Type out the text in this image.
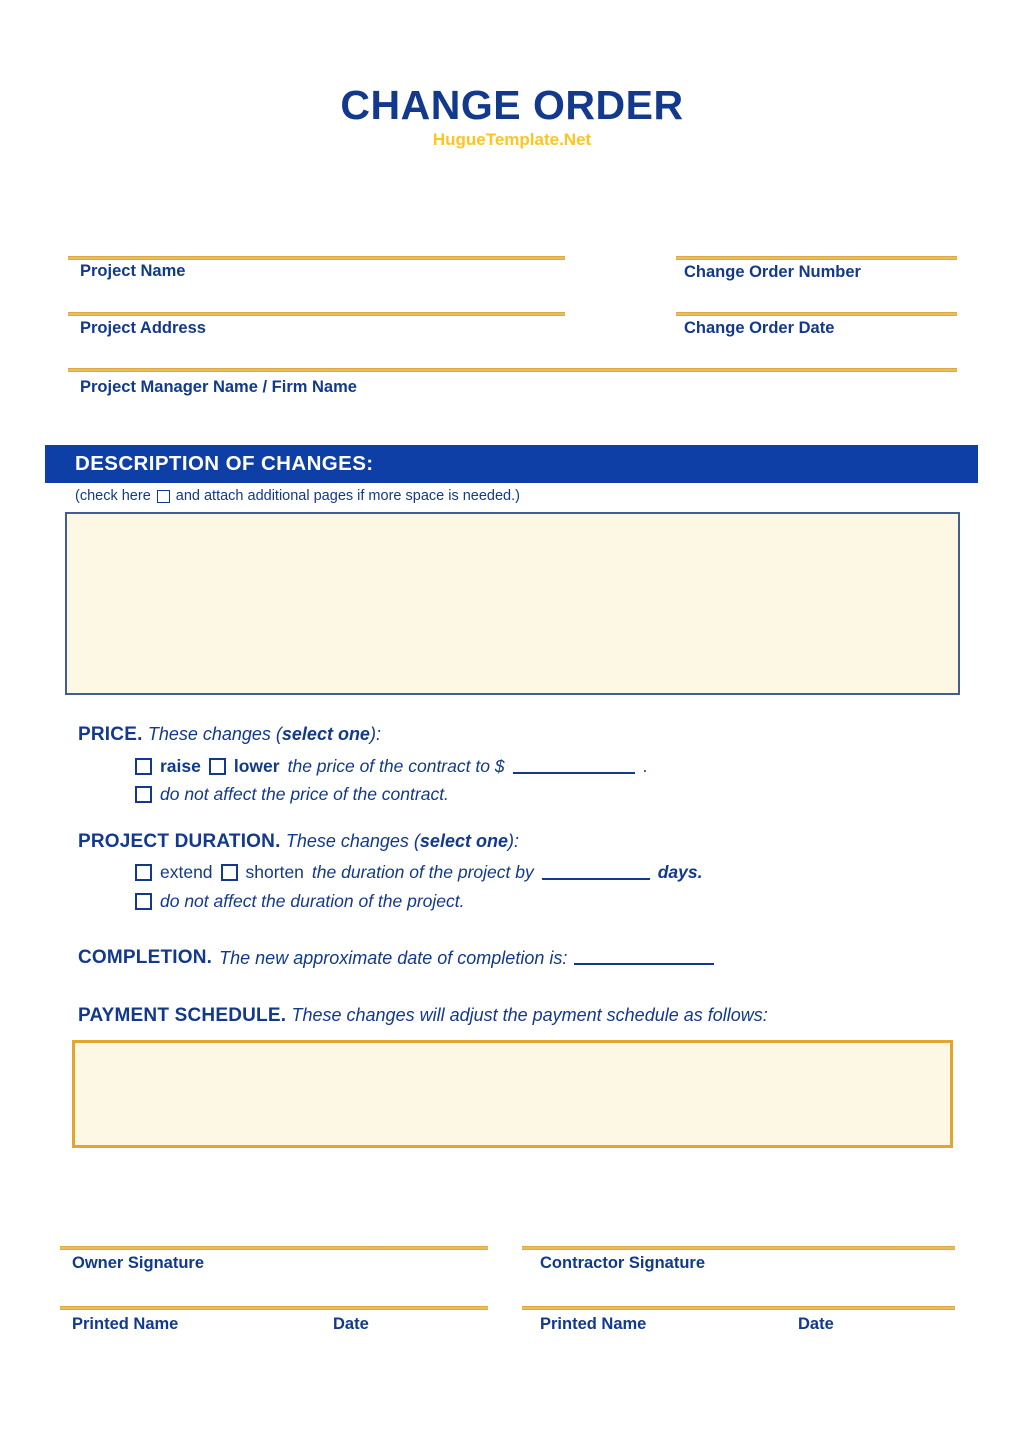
CHANGE ORDER
HugueTemplate.Net
Project Name
Project Address
Project Manager Name / Firm Name
Change Order Number
Change Order Date
DESCRIPTION OF CHANGES:
(check here and attach additional pages if more space is needed.)
PRICE. These changes (select one):
raise lower the price of the contract to $	.
do not affect the price of the contract.
PROJECT DURATION. These changes (select one):
extend shorten the duration of the project by	days.
do not affect the duration of the project.
COMPLETION. The new approximate date of completion is:
PAYMENT SCHEDULE. These changes will adjust the payment schedule as follows:
Owner Signature	Contractor Signature
Printed Name	Date	Printed Name	Date
